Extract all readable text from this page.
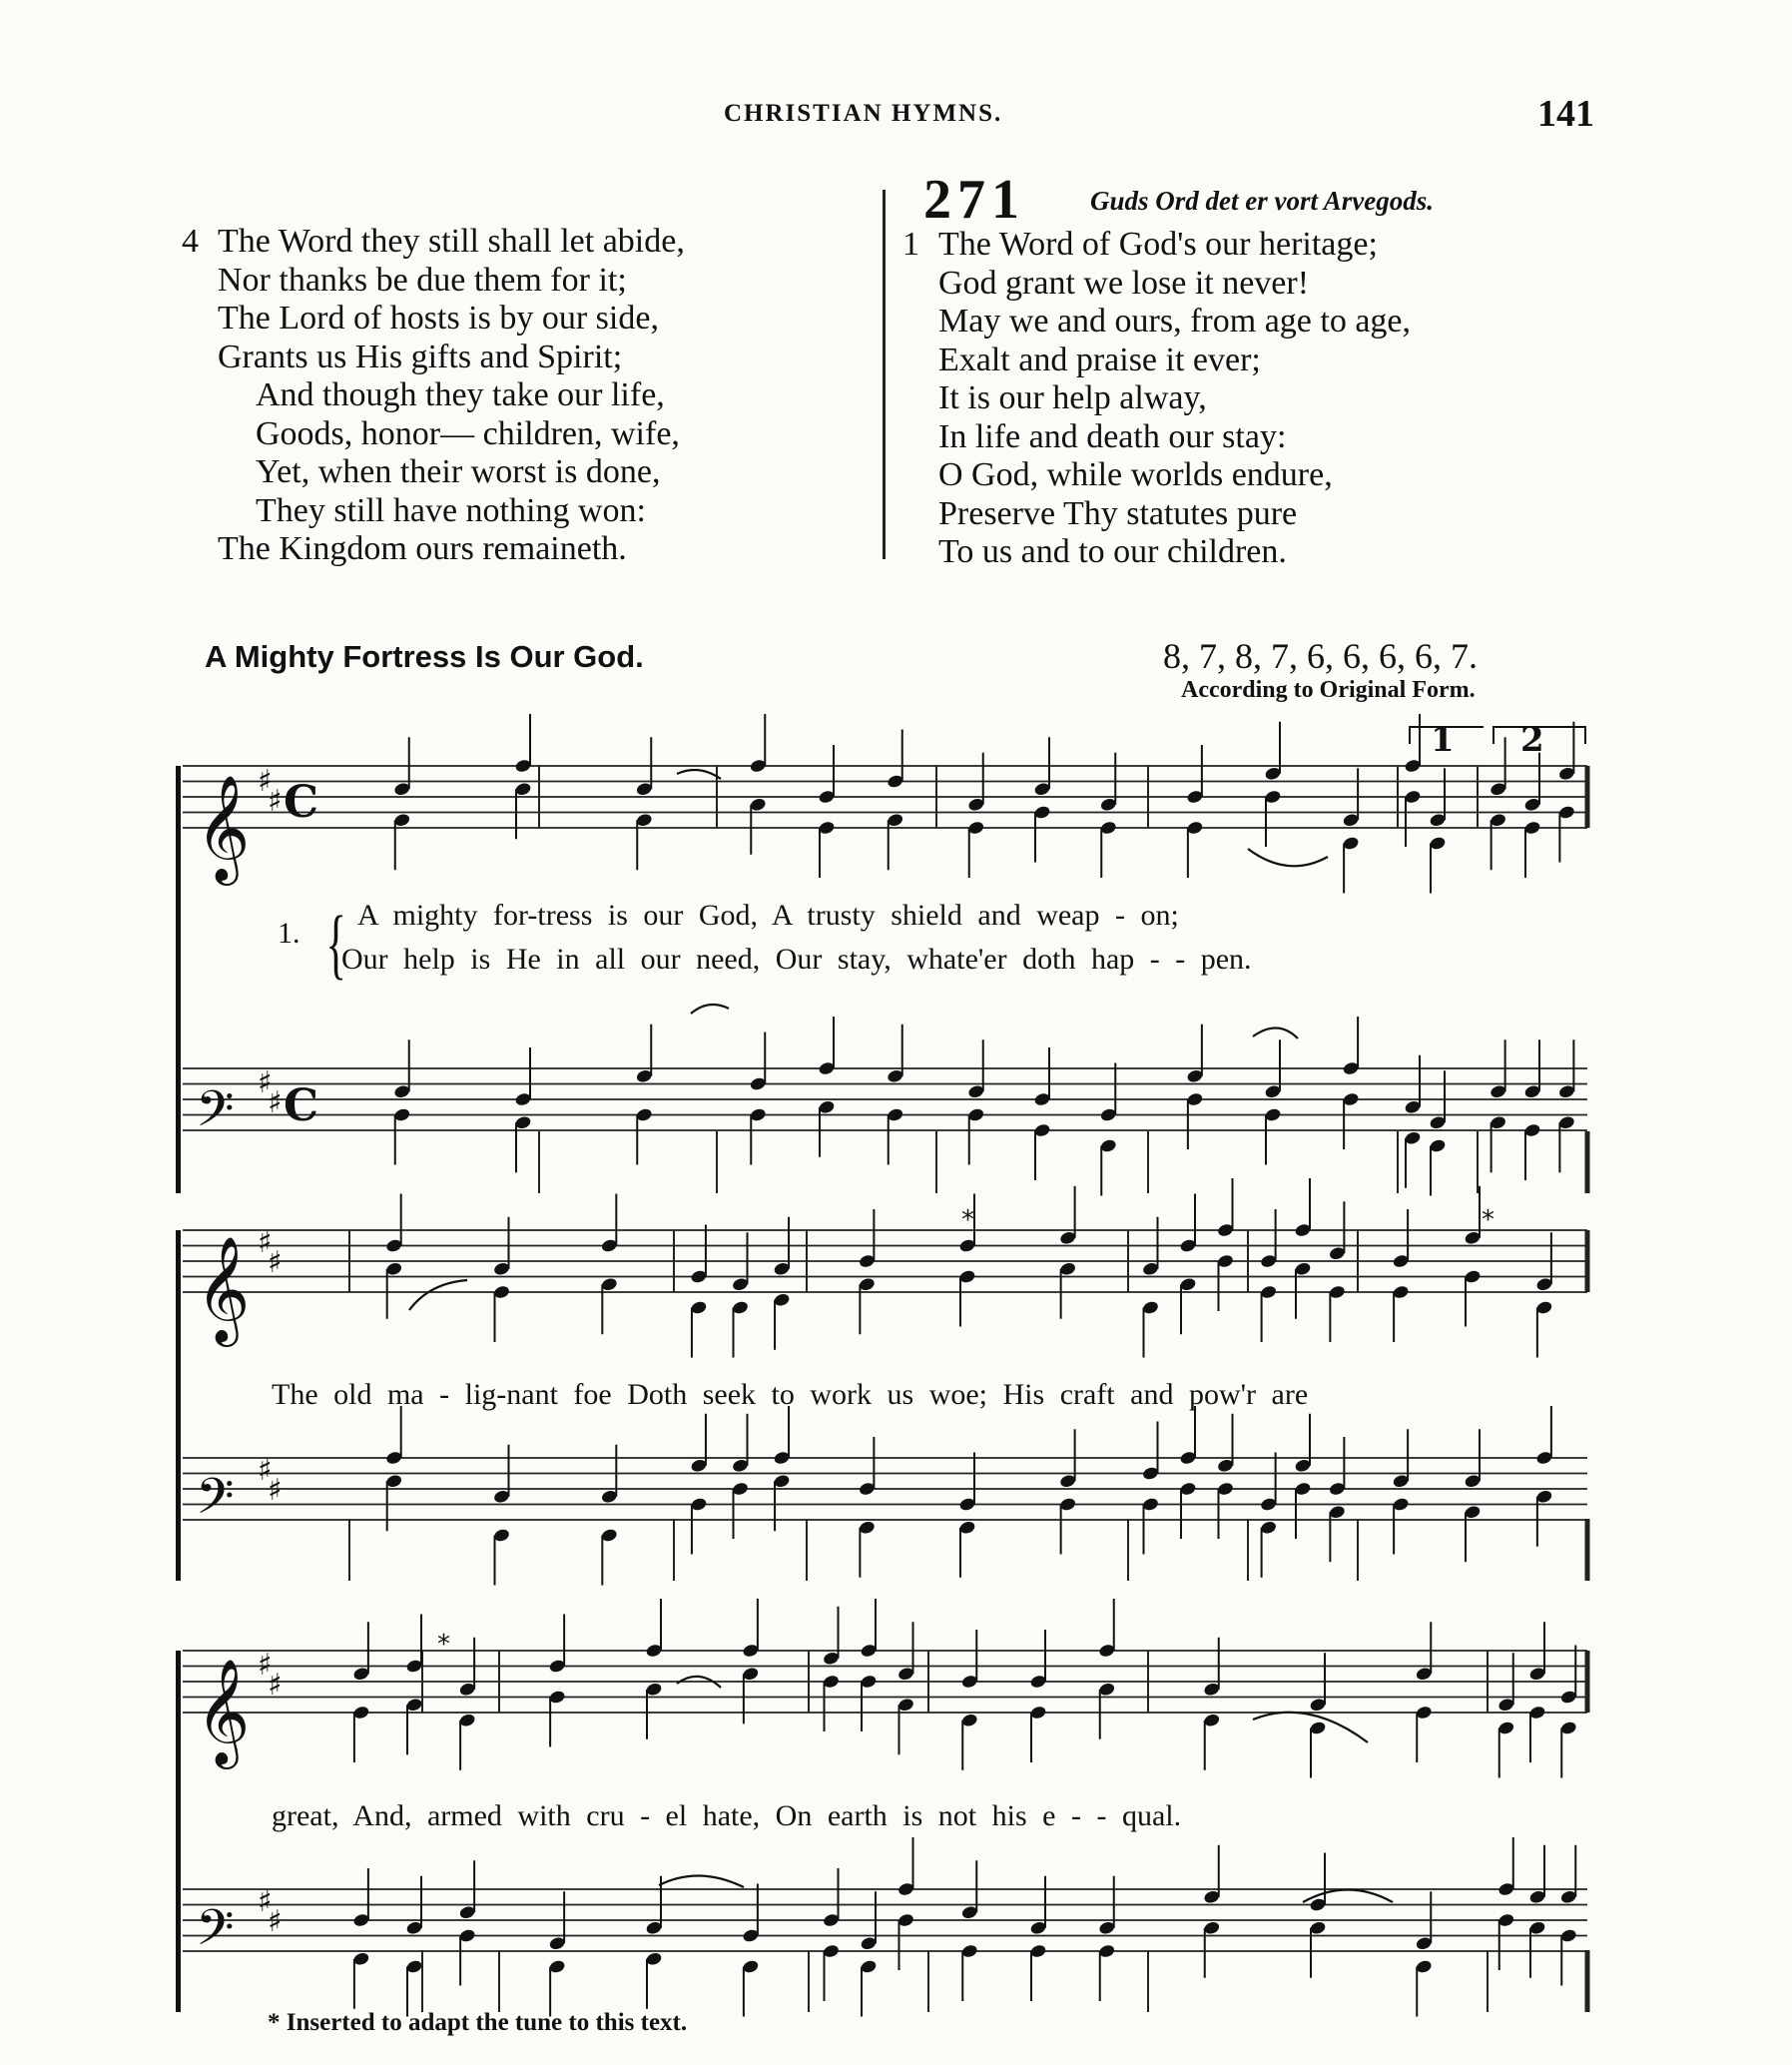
CHRISTIAN HYMNS.	141
4 The Word they still shall let abide,
Nor thanks be due them for it;
The Lord of hosts is by our side,
Grants us His gifts and Spirit;
And though they take our life,
Goods, honor— children, wife,
Yet, when their worst is done,
They still have nothing won:
The Kingdom ours remaineth.
271 Guds Ord det er vort Arvegods.
1 The Word of God's our heritage;
God grant we lose it never!
May we and ours, from age to age,
Exalt and praise it ever;
It is our help alway,
In life and death our stay:
O God, while worlds endure,
Preserve Thy statutes pure
To us and to our children.
A Mighty Fortress Is Our God.	8, 7, 8, 7, 6, 6, 6, 6, 7.
According to Original Form.
𝄞
𝄢
𝄞
𝄢
𝄞
𝄢
♯
♯
♯
♯
♯
♯
♯
♯
♯
♯
♯
♯
C
C
1 2
*	*
*
1. { A mighty for-tress is our God, A trusty shield and weap - on;
Our help is He in all our need, Our stay, whate'er doth hap - - pen.
The old ma - lig-nant foe Doth seek to work us woe; His craft and pow'r are
great, And, armed with cru - el hate, On earth is not his e - - qual.
* Inserted to adapt the tune to this text.
